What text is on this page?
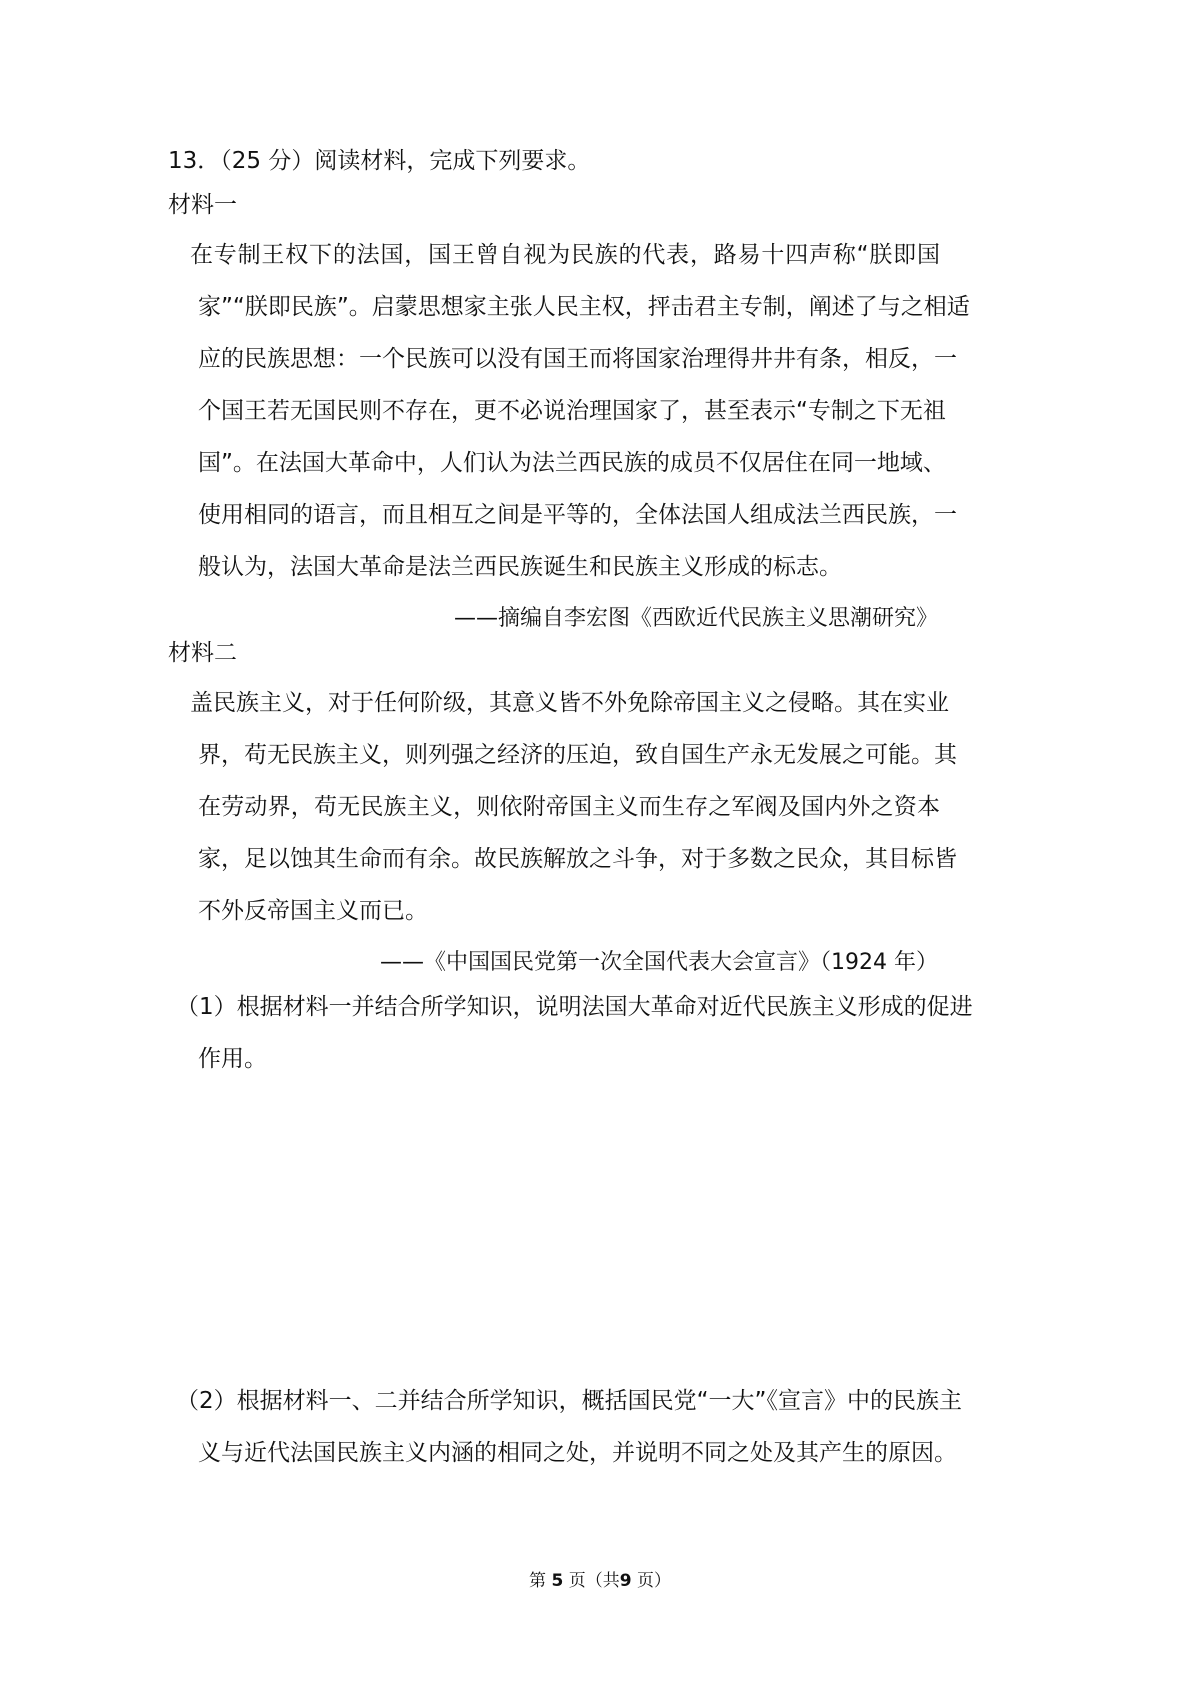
13．（25 分）阅读材料，完成下列要求。
材料一
在专制王权下的法国，国王曾自视为民族的代表，路易十四声称“朕即国
家”“朕即民族”。启蒙思想家主张人民主权，抨击君主专制，阐述了与之相适
应的民族思想：一个民族可以没有国王而将国家治理得井井有条，相反，一
个国王若无国民则不存在，更不必说治理国家了，甚至表示“专制之下无祖
国”。在法国大革命中，人们认为法兰西民族的成员不仅居住在同一地域、
使用相同的语言，而且相互之间是平等的，全体法国人组成法兰西民族，一
般认为，法国大革命是法兰西民族诞生和民族主义形成的标志。
——摘编自李宏图《西欧近代民族主义思潮研究》
材料二
盖民族主义，对于任何阶级，其意义皆不外免除帝国主义之侵略。其在实业
界，苟无民族主义，则列强之经济的压迫，致自国生产永无发展之可能。其
在劳动界，苟无民族主义，则依附帝国主义而生存之军阀及国内外之资本
家，足以蚀其生命而有余。故民族解放之斗争，对于多数之民众，其目标皆
不外反帝国主义而已。
——《中国国民党第一次全国代表大会宣言》（1924 年）
（1）根据材料一并结合所学知识，说明法国大革命对近代民族主义形成的促进
作用。
（2）根据材料一、二并结合所学知识，概括国民党“一大”《宣言》中的民族主
义与近代法国民族主义内涵的相同之处，并说明不同之处及其产生的原因。
第 5 页（共9 页）
